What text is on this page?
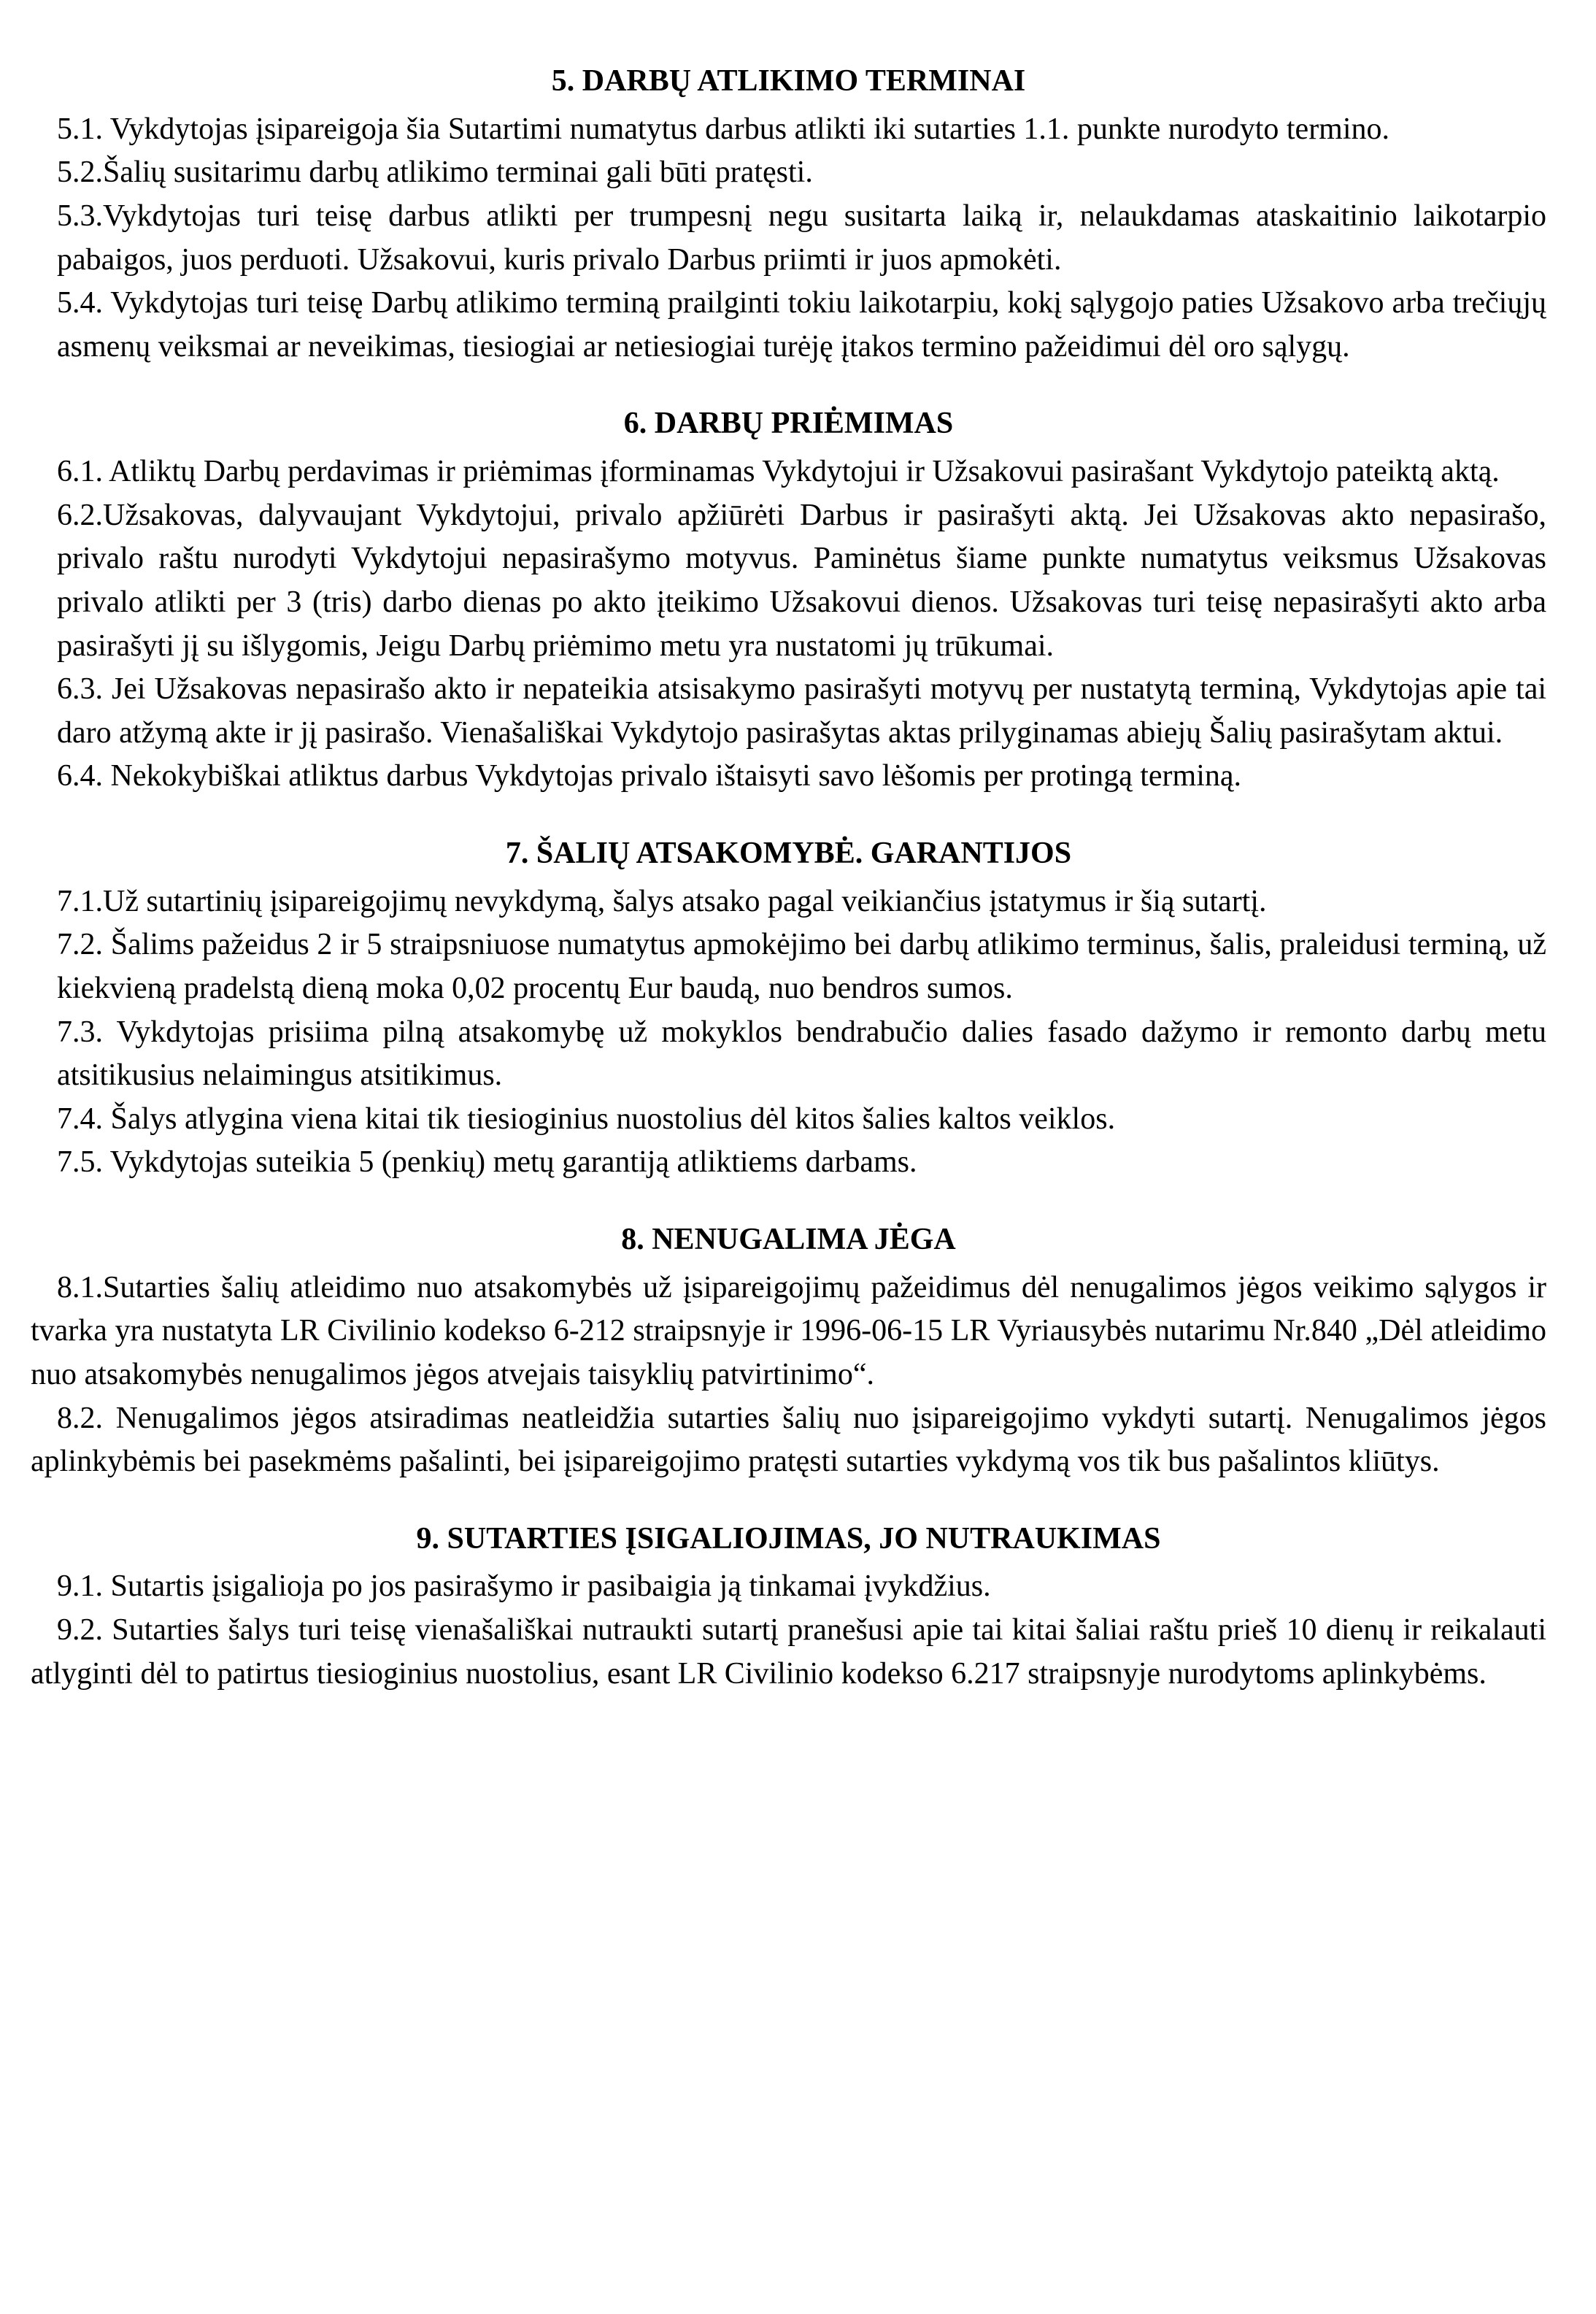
5. DARBŲ ATLIKIMO TERMINAI

5.1. Vykdytojas įsipareigoja šia Sutartimi numatytus darbus atlikti iki sutarties 1.1. punkte nurodyto termino.

5.2.Šalių susitarimu darbų atlikimo terminai gali būti pratęsti.

5.3.Vykdytojas turi teisę darbus atlikti per trumpesnį negu susitarta laiką ir, nelaukdamas ataskaitinio laikotarpio pabaigos, juos perduoti. Užsakovui, kuris privalo Darbus priimti ir juos apmokėti.

5.4. Vykdytojas turi teisę Darbų atlikimo terminą prailginti tokiu laikotarpiu, kokį sąlygojo paties Užsakovo arba trečiųjų asmenų veiksmai ar neveikimas, tiesiogiai ar netiesiogiai turėję įtakos termino pažeidimui dėl oro sąlygų.

6. DARBŲ PRIĖMIMAS

6.1. Atliktų Darbų perdavimas ir priėmimas įforminamas Vykdytojui ir Užsakovui pasirašant Vykdytojo pateiktą aktą.

6.2.Užsakovas, dalyvaujant Vykdytojui, privalo apžiūrėti Darbus ir pasirašyti aktą. Jei Užsakovas akto nepasirašo, privalo raštu nurodyti Vykdytojui nepasirašymo motyvus. Paminėtus šiame punkte numatytus veiksmus Užsakovas privalo atlikti per 3 (tris) darbo dienas po akto įteikimo Užsakovui dienos. Užsakovas turi teisę nepasirašyti akto arba pasirašyti jį su išlygomis, Jeigu Darbų priėmimo metu yra nustatomi jų trūkumai.

6.3. Jei Užsakovas nepasirašo akto ir nepateikia atsisakymo pasirašyti motyvų per nustatytą terminą, Vykdytojas apie tai daro atžymą akte ir jį pasirašo. Vienašališkai Vykdytojo pasirašytas aktas prilyginamas abiejų Šalių pasirašytam aktui.

6.4. Nekokybiškai atliktus darbus Vykdytojas privalo ištaisyti savo lėšomis per protingą terminą.

7. ŠALIŲ ATSAKOMYBĖ. GARANTIJOS

7.1.Už sutartinių įsipareigojimų nevykdymą, šalys atsako pagal veikiančius įstatymus ir šią sutartį.

7.2. Šalims pažeidus 2 ir 5 straipsniuose numatytus apmokėjimo bei darbų atlikimo terminus, šalis, praleidusi terminą, už kiekvieną pradelstą dieną moka 0,02 procentų Eur baudą, nuo bendros sumos.

7.3. Vykdytojas prisiima pilną atsakomybę už mokyklos bendrabučio dalies fasado dažymo ir remonto darbų metu atsitikusius nelaimingus atsitikimus.

7.4. Šalys atlygina viena kitai tik tiesioginius nuostolius dėl kitos šalies kaltos veiklos.

7.5. Vykdytojas suteikia 5 (penkių) metų garantiją atliktiems darbams.

8. NENUGALIMA JĖGA

8.1.Sutarties šalių atleidimo nuo atsakomybės už įsipareigojimų pažeidimus dėl nenugalimos jėgos veikimo sąlygos ir tvarka yra nustatyta LR Civilinio kodekso 6-212 straipsnyje ir 1996-06-15 LR Vyriausybės nutarimu Nr.840 „Dėl atleidimo nuo atsakomybės nenugalimos jėgos atvejais taisyklių patvirtinimo“.

8.2. Nenugalimos jėgos atsiradimas neatleidžia sutarties šalių nuo įsipareigojimo vykdyti sutartį. Nenugalimos jėgos aplinkybėmis bei pasekmėms pašalinti, bei įsipareigojimo pratęsti sutarties vykdymą vos tik bus pašalintos kliūtys.

9. SUTARTIES ĮSIGALIOJIMAS, JO NUTRAUKIMAS

9.1. Sutartis įsigalioja po jos pasirašymo ir pasibaigia ją tinkamai įvykdžius.

9.2. Sutarties šalys turi teisę vienašališkai nutraukti sutartį pranešusi apie tai kitai šaliai raštu prieš 10 dienų ir reikalauti atlyginti dėl to patirtus tiesioginius nuostolius, esant LR Civilinio kodekso 6.217 straipsnyje nurodytoms aplinkybėms.
